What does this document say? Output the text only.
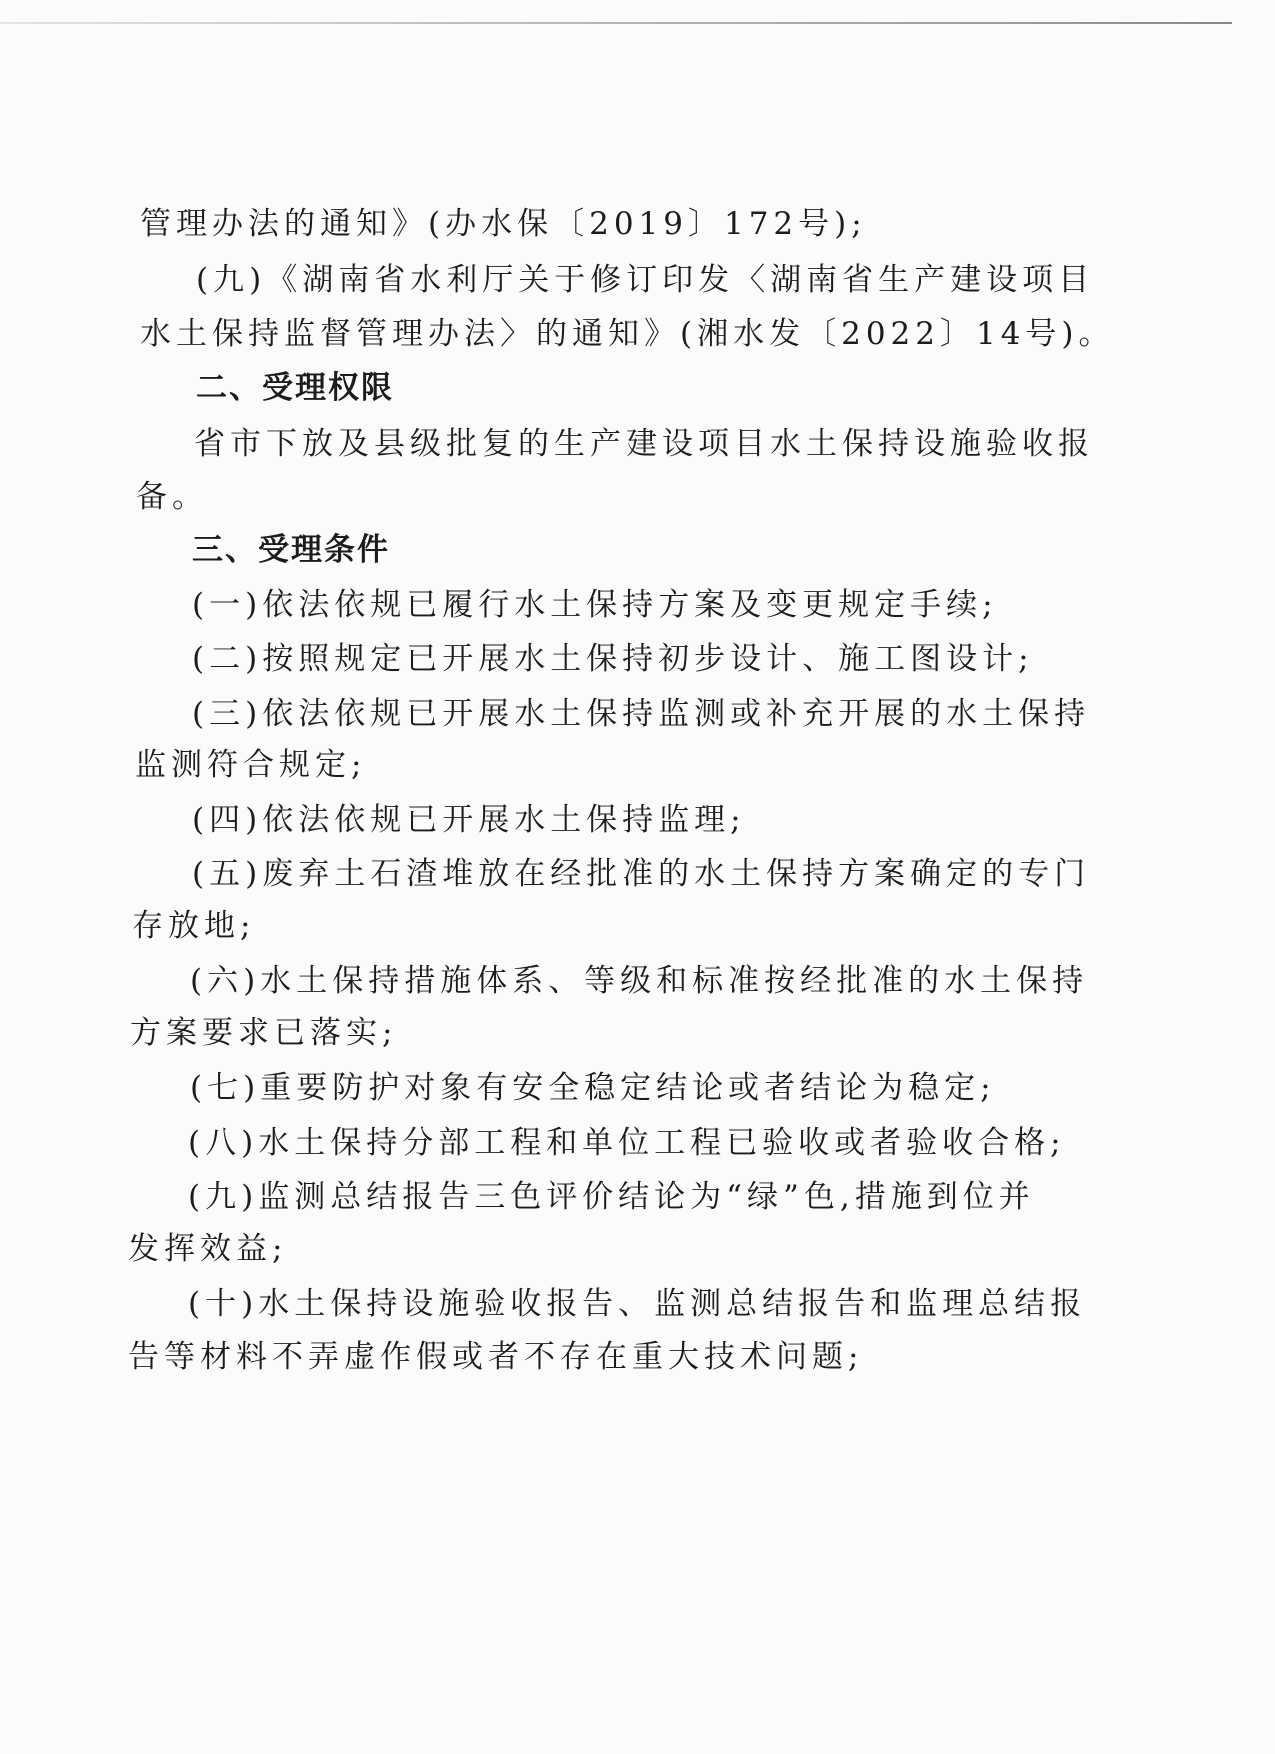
管理办法的通知》(办水保〔2019〕172号);
(九)《湖南省水利厅关于修订印发〈湖南省生产建设项目
水土保持监督管理办法〉的通知》(湘水发〔2022〕14号)。
二、受理权限
省市下放及县级批复的生产建设项目水土保持设施验收报
备。
三、受理条件
(一)依法依规已履行水土保持方案及变更规定手续;
(二)按照规定已开展水土保持初步设计、施工图设计;
(三)依法依规已开展水土保持监测或补充开展的水土保持
监测符合规定;
(四)依法依规已开展水土保持监理;
(五)废弃土石渣堆放在经批准的水土保持方案确定的专门
存放地;
(六)水土保持措施体系、等级和标准按经批准的水土保持
方案要求已落实;
(七)重要防护对象有安全稳定结论或者结论为稳定;
(八)水土保持分部工程和单位工程已验收或者验收合格;
(九)监测总结报告三色评价结论为“绿”色,措施到位并
发挥效益;
(十)水土保持设施验收报告、监测总结报告和监理总结报
告等材料不弄虚作假或者不存在重大技术问题;
